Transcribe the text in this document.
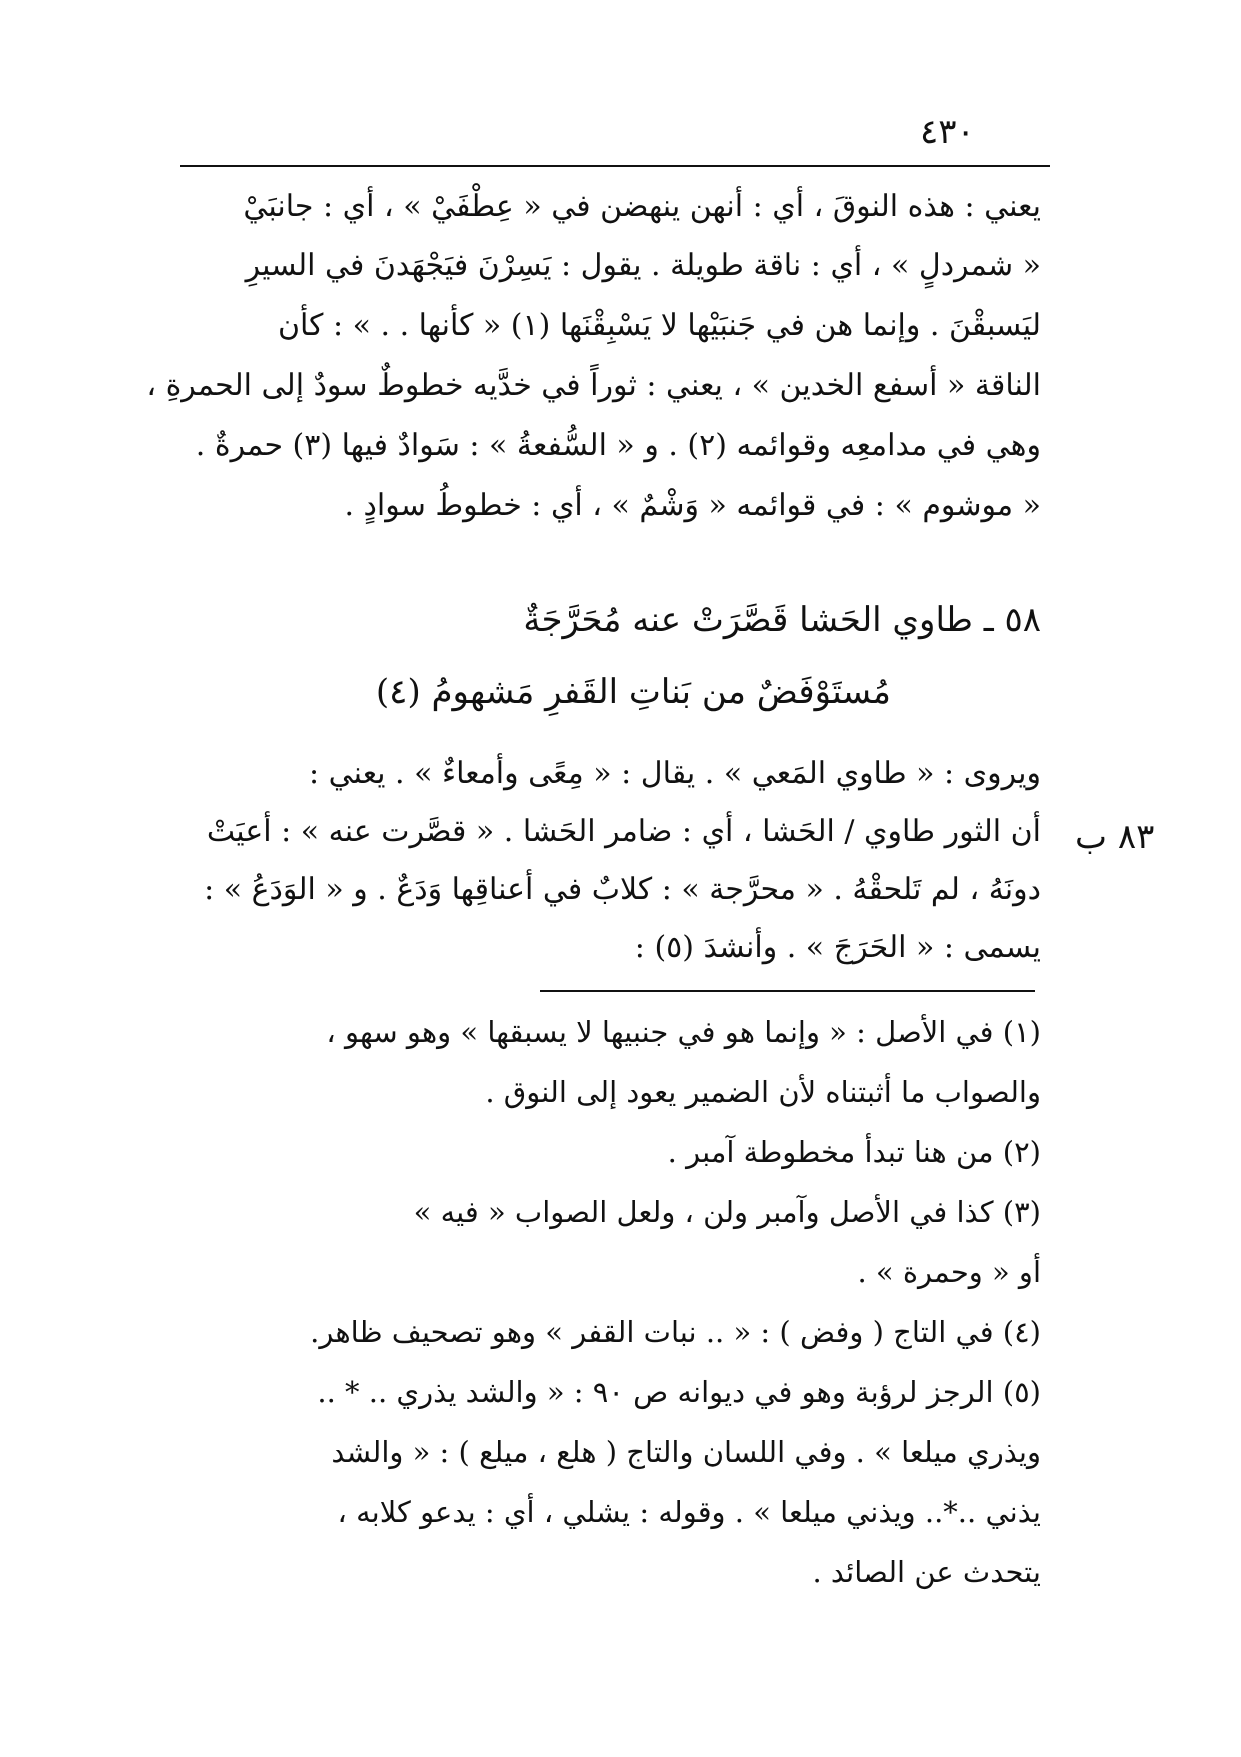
٤٣٠
يعني : هذه النوقَ ، أي : أنهن ينهضن في « عِطْفَيْ » ، أي : جانبَيْ
« شمردلٍ » ، أي : ناقة طويلة . يقول : يَسِرْنَ فيَجْهَدنَ في السيرِ
ليَسبقْنَ . وإنما هن في جَنبَيْها لا يَسْبِقْنَها (١) « كأنها . . » : كأن
الناقة « أسفع الخدين » ، يعني : ثوراً في خدَّيه خطوطٌ سودٌ إلى الحمرةِ ،
وهي في مدامعِه وقوائمه (٢) . و « السُّفعةُ » : سَوادٌ فيها (٣) حمرةٌ .
« موشوم » : في قوائمه « وَشْمٌ » ، أي : خطوطُ سوادٍ .
٥٨ ـ طاوي الحَشا قَصَّرَتْ عنه مُحَرَّجَةٌ
مُستَوْفَضٌ من بَناتِ القَفرِ مَشهومُ (٤)
ويروى : « طاوي المَعي » . يقال : « مِعًى وأمعاءٌ » . يعني :
أن الثور طاوي / الحَشا ، أي : ضامر الحَشا . « قصَّرت عنه » : أعيَتْ
دونَهُ ، لم تَلحقْهُ . « محرَّجة » : كلابٌ في أعناقِها وَدَعٌ . و « الوَدَعُ » :
يسمى : « الحَرَجَ » . وأنشدَ (٥) :
٨٣ ب
(١) في الأصل : « وإنما هو في جنبيها لا يسبقها » وهو سهو ،
والصواب ما أثبتناه لأن الضمير يعود إلى النوق .
(٢) من هنا تبدأ مخطوطة آمبر .
(٣) كذا في الأصل وآمبر ولن ، ولعل الصواب « فيه »
أو « وحمرة » .
(٤) في التاج ( وفض ) : « .. نبات القفر » وهو تصحيف ظاهر.
(٥) الرجز لرؤبة وهو في ديوانه ص ٩٠ : « والشد يذري .. * ..
ويذري ميلعا » . وفي اللسان والتاج ( هلع ، ميلع ) : « والشد
يذني ..*.. ويذني ميلعا » . وقوله : يشلي ، أي : يدعو كلابه ،
يتحدث عن الصائد .
